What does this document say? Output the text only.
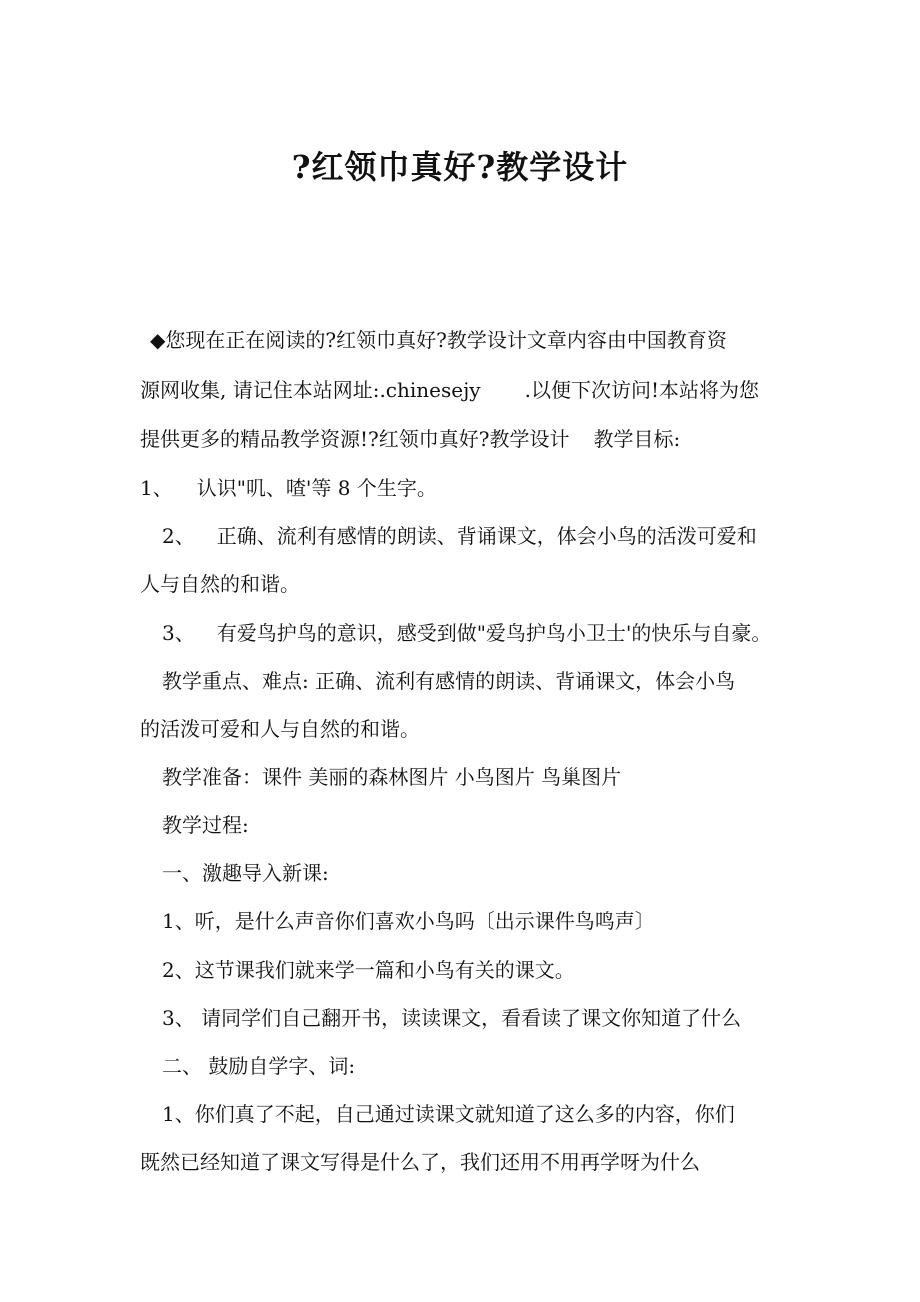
?红领巾真好?教学设计

◆您现在正在阅读的?红领巾真好?教学设计文章内容由中国教育资

源网收集, 请记住本站网址:.chinesejy .以便下次访问!本站将为您

提供更多的精品教学资源!?红领巾真好?教学设计 教学目标:

1、 认识"叽、喳'等 8 个生字。

2、 正确、流利有感情的朗读、背诵课文，体会小鸟的活泼可爱和

人与自然的和谐。

3、 有爱鸟护鸟的意识，感受到做"爱鸟护鸟小卫士'的快乐与自豪。

教学重点、难点: 正确、流利有感情的朗读、背诵课文，体会小鸟

的活泼可爱和人与自然的和谐。

教学准备：课件 美丽的森林图片 小鸟图片 鸟巢图片

教学过程:

一、激趣导入新课:

1、听，是什么声音你们喜欢小鸟吗〔出示课件鸟鸣声〕

2、这节课我们就来学一篇和小鸟有关的课文。

3、 请同学们自己翻开书，读读课文，看看读了课文你知道了什么

二、 鼓励自学字、词:

1、你们真了不起，自己通过读课文就知道了这么多的内容，你们

既然已经知道了课文写得是什么了，我们还用不用再学呀为什么
